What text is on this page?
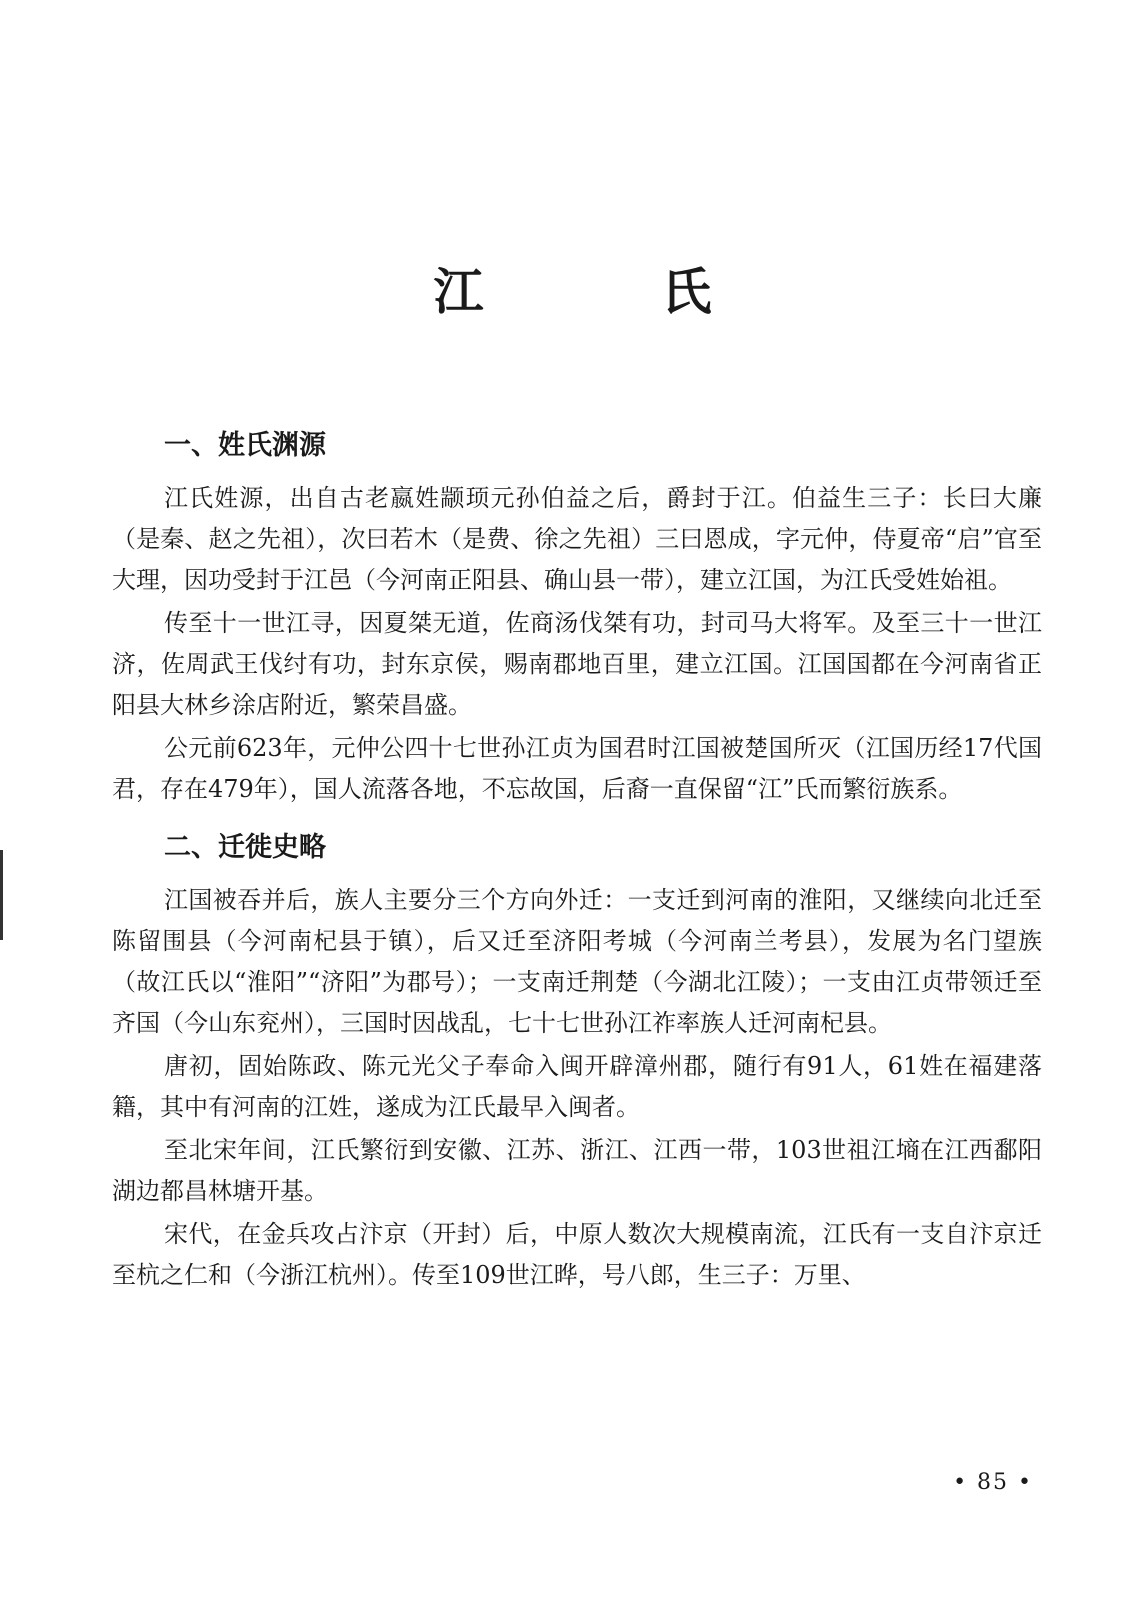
江　氏
一、姓氏渊源

江氏姓源，出自古老嬴姓颛顼元孙伯益之后，爵封于江。伯益生三子：长曰大廉（是秦、赵之先祖），次曰若木（是费、徐之先祖）三曰恩成，字元仲，侍夏帝“启”官至大理，因功受封于江邑（今河南正阳县、确山县一带），建立江国，为江氏受姓始祖。

传至十一世江寻，因夏桀无道，佐商汤伐桀有功，封司马大将军。及至三十一世江济，佐周武王伐纣有功，封东京侯，赐南郡地百里，建立江国。江国国都在今河南省正阳县大林乡涂店附近，繁荣昌盛。

公元前623年，元仲公四十七世孙江贞为国君时江国被楚国所灭（江国历经17代国君，存在479年），国人流落各地，不忘故国，后裔一直保留“江”氏而繁衍族系。

二、迁徙史略

江国被吞并后，族人主要分三个方向外迁：一支迁到河南的淮阳，又继续向北迁至陈留围县（今河南杞县于镇），后又迁至济阳考城（今河南兰考县），发展为名门望族（故江氏以“淮阳”“济阳”为郡号）；一支南迁荆楚（今湖北江陵）；一支由江贞带领迁至齐国（今山东兖州），三国时因战乱，七十七世孙江祚率族人迁河南杞县。

唐初，固始陈政、陈元光父子奉命入闽开辟漳州郡，随行有91人，61姓在福建落籍，其中有河南的江姓，遂成为江氏最早入闽者。

至北宋年间，江氏繁衍到安徽、江苏、浙江、江西一带，103世祖江墒在江西鄱阳湖边都昌林塘开基。

宋代，在金兵攻占汴京（开封）后，中原人数次大规模南流，江氏有一支自汴京迁至杭之仁和（今浙江杭州）。传至109世江晔，号八郎，生三子：万里、

• 85 •
